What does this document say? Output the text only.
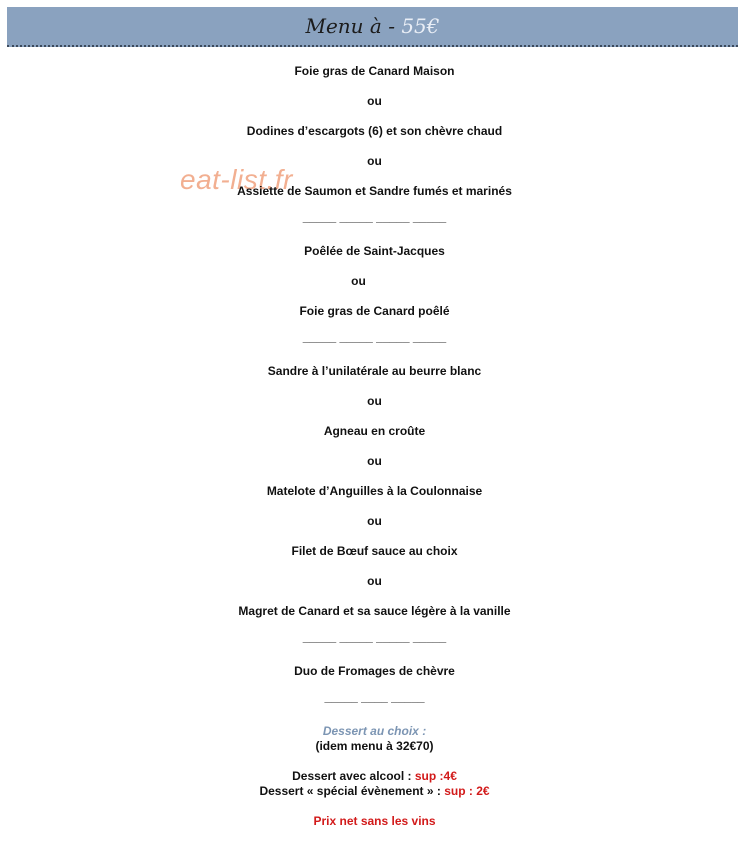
Menu à - 55€
eat-list.fr
Foie gras de Canard Maison
ou
Dodines d’escargots (6) et son chèvre chaud
ou
Assiette de Saumon et Sandre fumés et marinés
_____ _____ _____ _____
Poêlée de Saint-Jacques
ou
Foie gras de Canard poêlé
_____ _____ _____ _____
Sandre à l’unilatérale au beurre blanc
ou
Agneau en croûte
ou
Matelote d’Anguilles à la Coulonnaise
ou
Filet de Bœuf sauce au choix
ou
Magret de Canard et sa sauce légère à la vanille
_____ _____ _____ _____
Duo de Fromages de chèvre
_____ ____ _____
Dessert au choix :
(idem menu à 32€70)
Dessert avec alcool : sup :4€
Dessert « spécial évènement » : sup : 2€
Prix net sans les vins
